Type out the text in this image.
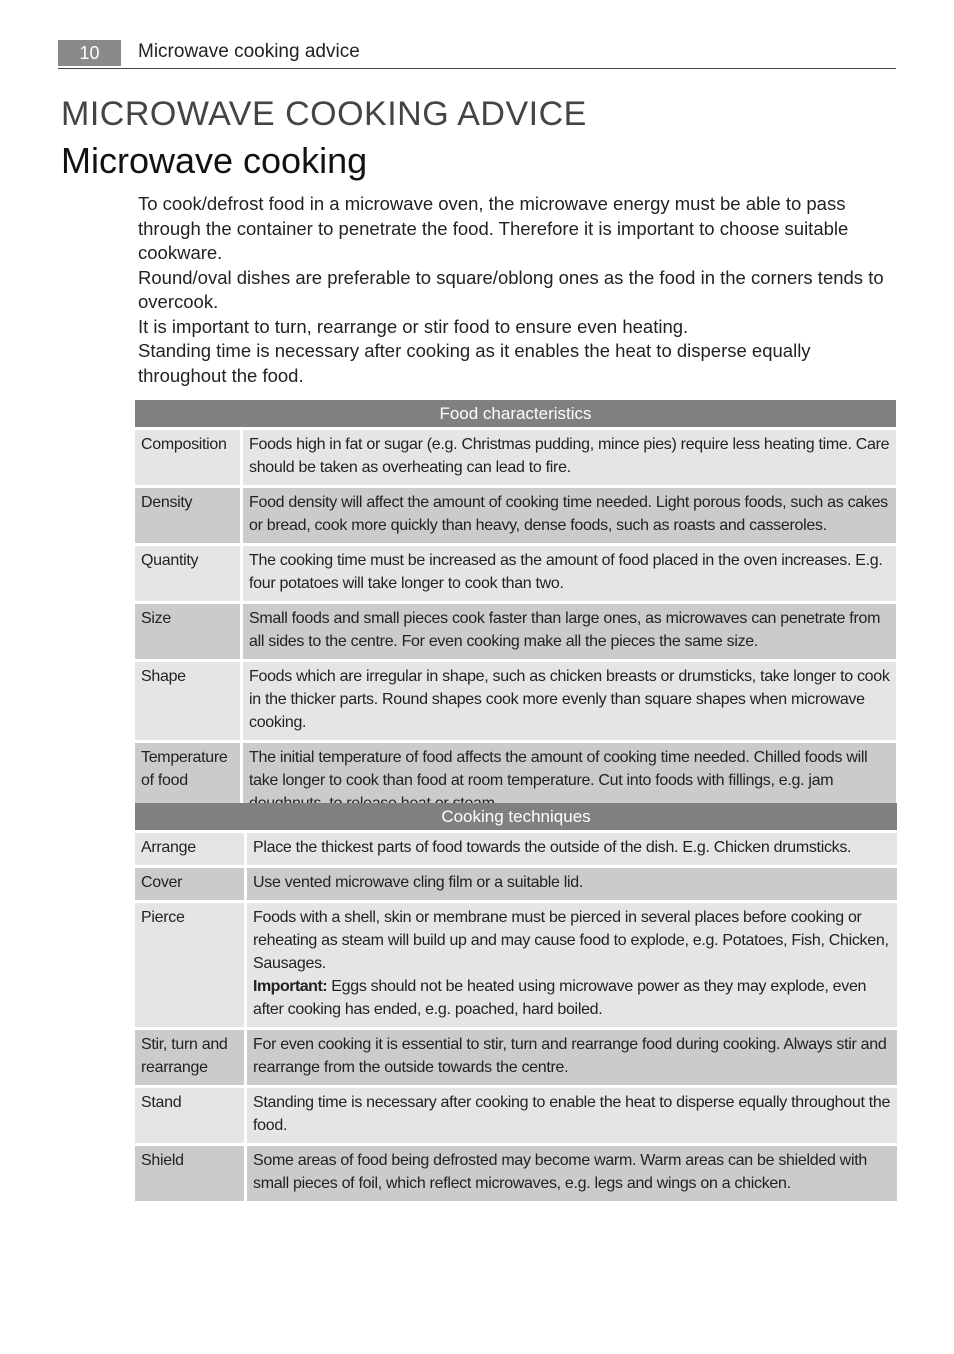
10	Microwave cooking advice
MICROWAVE COOKING ADVICE
Microwave cooking

To cook/defrost food in a microwave oven, the microwave energy must be able to pass through the container to penetrate the food. Therefore it is important to choose suitable cookware.

Round/oval dishes are preferable to square/oblong ones as the food in the corners tends to overcook.

It is important to turn, rearrange or stir food to ensure even heating.

Standing time is necessary after cooking as it enables the heat to disperse equally throughout the food.

Food characteristics	
Composition	Foods high in fat or sugar (e.g. Christmas pudding, mince pies) require less heating time. Care should be taken as overheating can lead to fire.
Density	Food density will affect the amount of cooking time needed. Light porous foods, such as cakes or bread, cook more quickly than heavy, dense foods, such as roasts and casseroles.
Quantity	The cooking time must be increased as the amount of food placed in the oven increases. E.g. four potatoes will take longer to cook than two.
Size	Small foods and small pieces cook faster than large ones, as microwaves can penetrate from all sides to the centre. For even cooking make all the pieces the same size.
Shape	Foods which are irregular in shape, such as chicken breasts or drumsticks, take longer to cook in the thicker parts. Round shapes cook more evenly than square shapes when microwave cooking.
Temperature of food	The initial temperature of food affects the amount of cooking time needed. Chilled foods will take longer to cook than food at room temperature. Cut into foods with fillings, e.g. jam
Cooking techniques	
Arrange	Place the thickest parts of food towards the outside of the dish. E.g. Chicken drumsticks.
Cover	Use vented microwave cling film or a suitable lid.
Pierce	Foods with a shell, skin or membrane must be pierced in several places before cooking or reheating as steam will build up and may cause food to explode, e.g. Potatoes, Fish, Chicken, Sausages.
Important: Eggs should not be heated using microwave power as they may explode, even after cooking has ended, e.g. poached, hard boiled.

Stir, turn and rearrange	For even cooking it is essential to stir, turn and rearrange food during cooking. Always stir and rearrange from the outside towards the centre.
Stand	Standing time is necessary after cooking to enable the heat to disperse equally throughout the food.
Shield	Some areas of food being defrosted may become warm. Warm areas can be shielded with small pieces of foil, which reflect microwaves, e.g. legs and wings on a chicken.
